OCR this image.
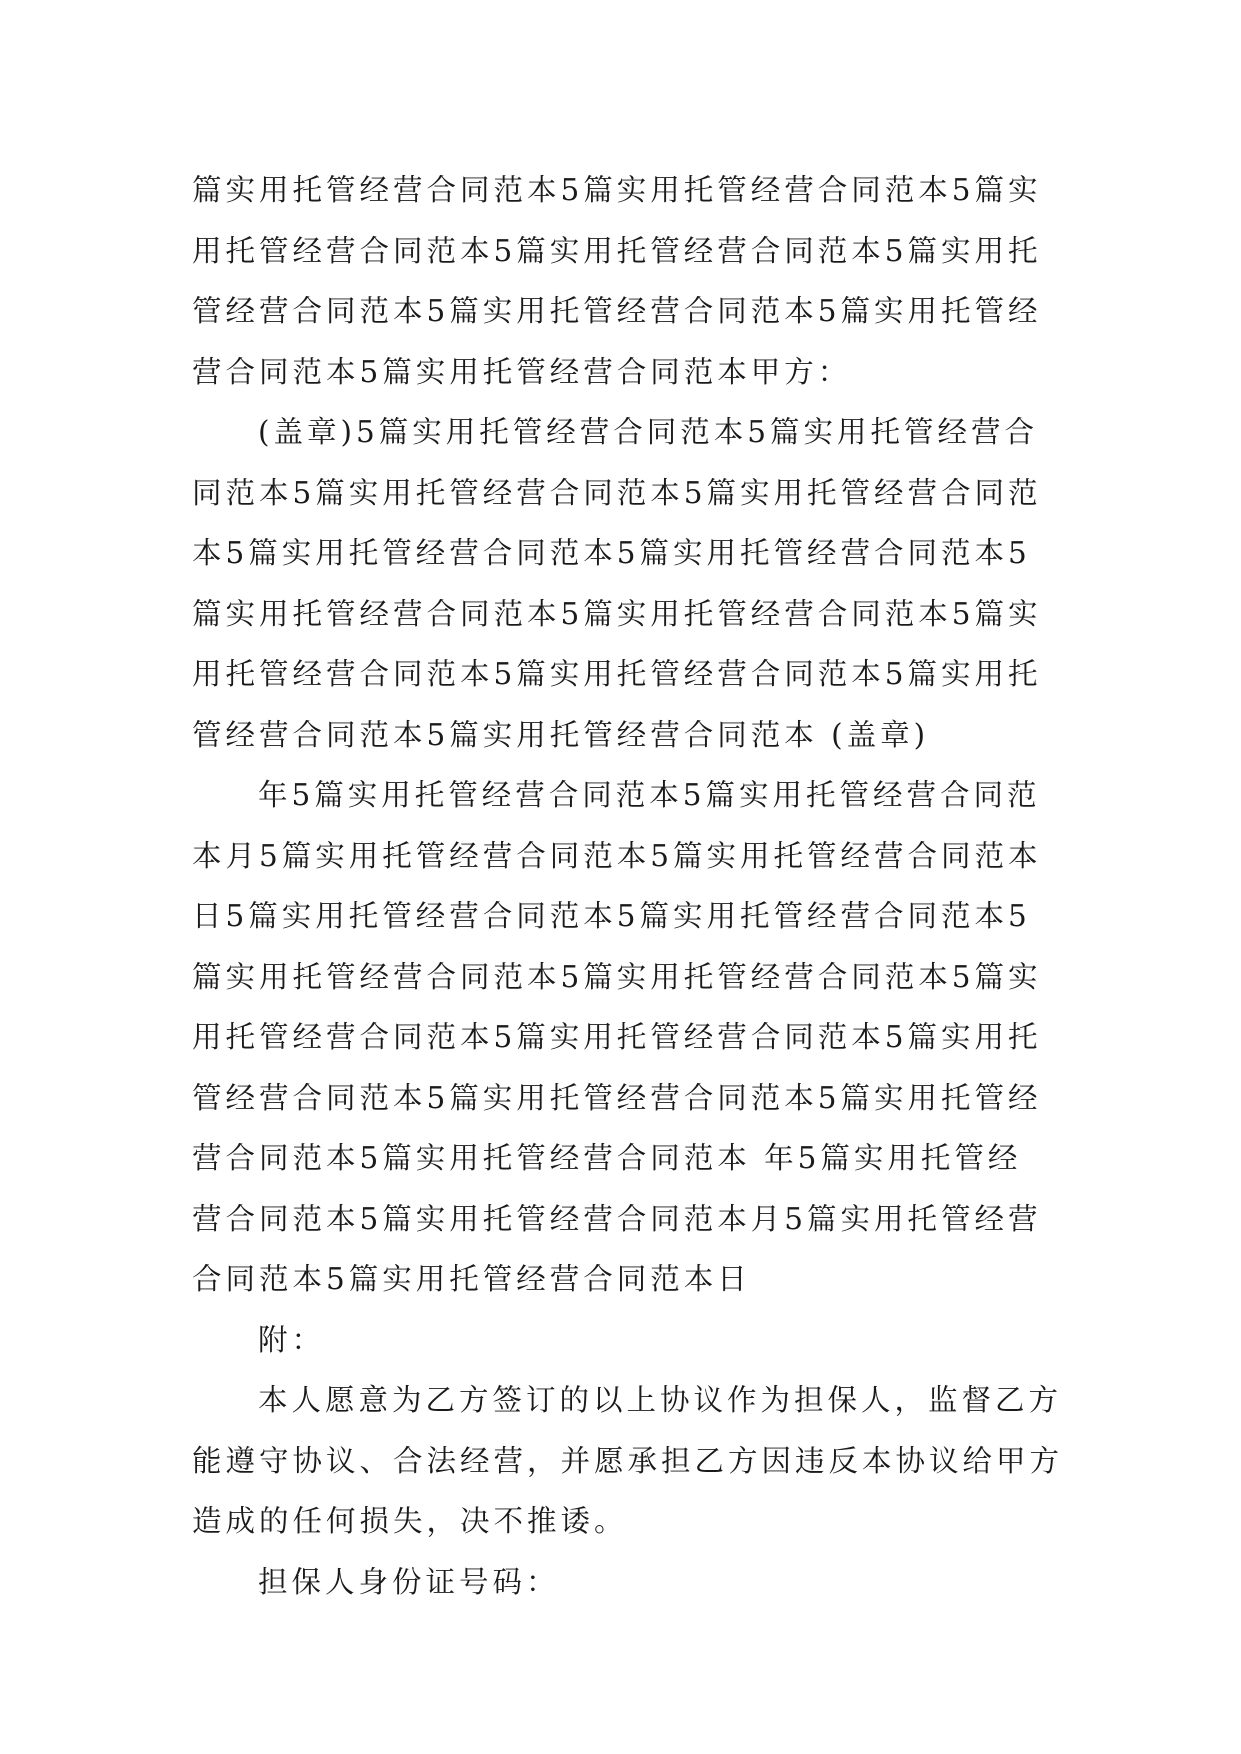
篇实用托管经营合同范本5篇实用托管经营合同范本5篇实
用托管经营合同范本5篇实用托管经营合同范本5篇实用托
管经营合同范本5篇实用托管经营合同范本5篇实用托管经
营合同范本5篇实用托管经营合同范本甲方：

(盖章)5篇实用托管经营合同范本5篇实用托管经营合
同范本5篇实用托管经营合同范本5篇实用托管经营合同范
本5篇实用托管经营合同范本5篇实用托管经营合同范本5
篇实用托管经营合同范本5篇实用托管经营合同范本5篇实
用托管经营合同范本5篇实用托管经营合同范本5篇实用托
管经营合同范本5篇实用托管经营合同范本 (盖章)

年5篇实用托管经营合同范本5篇实用托管经营合同范
本月5篇实用托管经营合同范本5篇实用托管经营合同范本
日5篇实用托管经营合同范本5篇实用托管经营合同范本5
篇实用托管经营合同范本5篇实用托管经营合同范本5篇实
用托管经营合同范本5篇实用托管经营合同范本5篇实用托
管经营合同范本5篇实用托管经营合同范本5篇实用托管经
营合同范本5篇实用托管经营合同范本 年5篇实用托管经
营合同范本5篇实用托管经营合同范本月5篇实用托管经营
合同范本5篇实用托管经营合同范本日

附：

本人愿意为乙方签订的以上协议作为担保人，监督乙方
能遵守协议、合法经营，并愿承担乙方因违反本协议给甲方
造成的任何损失，决不推诿。

担保人身份证号码：
